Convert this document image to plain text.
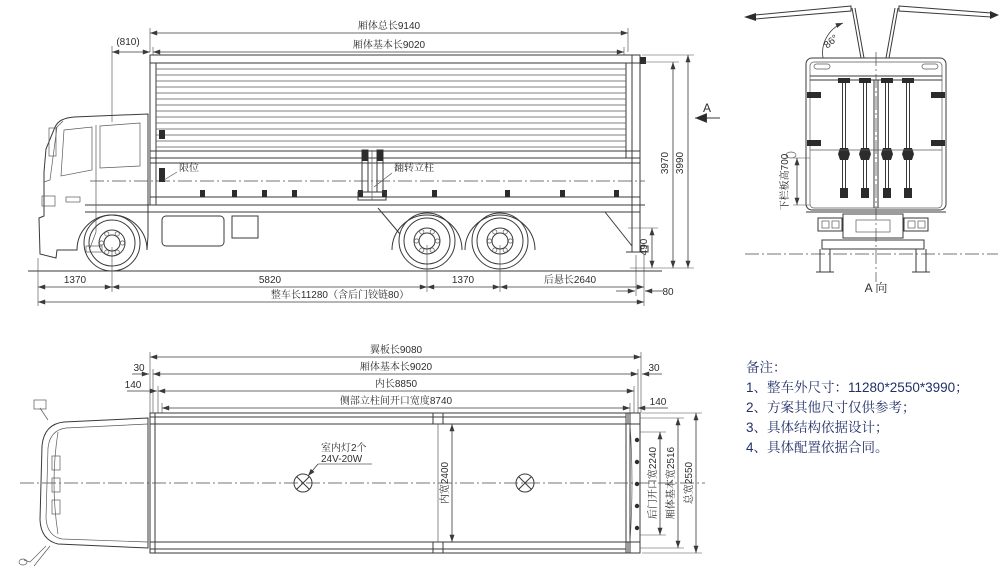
厢体总长9140
厢体基本长9020
(810)
限位	翻转立柱
1370	5820	1370	后悬长2640
整车长11280（含后门铰链80）
3970 3990
490
80
A
86°
下栏板高700
A 向
翼板长9080
厢体基本长9020
内长8850
侧部立柱间开口宽度8740
30
140
30
140
室内灯2个
24V-20W
内宽2400	后门开口宽2240 厢体基本宽2516 总宽2550
备注：
1、整车外尺寸：11280*2550*3990；
2、方案其他尺寸仅供参考；
3、具体结构依据设计；
4、具体配置依据合同。
